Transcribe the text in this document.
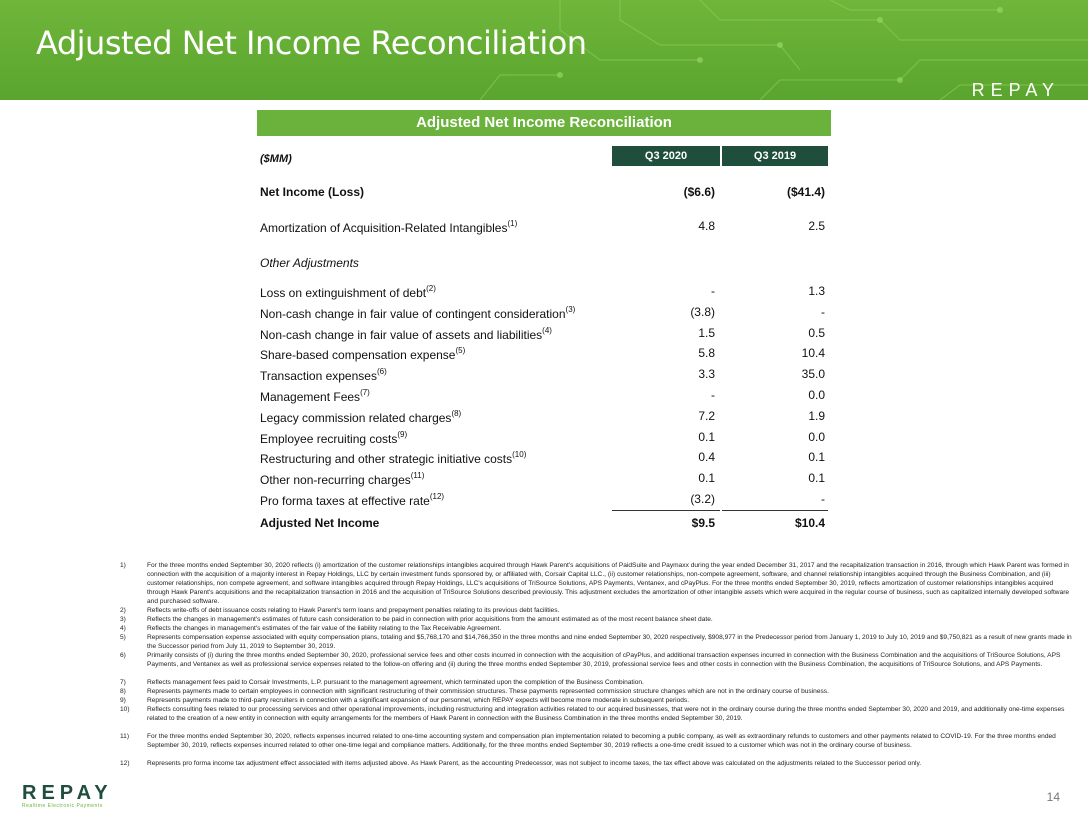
Adjusted Net Income Reconciliation
REPAY
Adjusted Net Income Reconciliation
($MM)	Q3 2020	Q3 2019
Net Income (Loss)	($6.6)	($41.4)
Amortization of Acquisition-Related Intangibles$^{(1)}$	4.8	2.5
Other Adjustments
Loss on extinguishment of debt$^{(2)}$	-	1.3
Non-cash change in fair value of contingent consideration$^{(3)}$	(3.8)	-
Non-cash change in fair value of assets and liabilities$^{(4)}$	1.5	0.5
Share-based compensation expense$^{(5)}$	5.8	10.4
Transaction expenses$^{(6)}$	3.3	35.0
Management Fees$^{(7)}$	-	0.0
Legacy commission related charges$^{(8)}$	7.2	1.9
Employee recruiting costs$^{(9)}$	0.1	0.0
Restructuring and other strategic initiative costs$^{(10)}$	0.4	0.1
Other non-recurring charges$^{(11)}$	0.1	0.1
Pro forma taxes at effective rate$^{(12)}$	(3.2)	-
Adjusted Net Income	$9.5	$10.4
1)	For the three months ended September 30, 2020 reflects (i) amortization of the customer relationships intangibles acquired through Hawk Parent's acquisitions of PaidSuite and Paymaxx during the year ended December 31, 2017 and the recapitalization transaction in 2016, through which Hawk Parent was formed in connection with the acquisition of a majority interest in Repay Holdings, LLC by certain investment funds sponsored by, or affiliated with, Corsair Capital LLC., (ii) customer relationships, non-compete agreement, software, and channel relationship intangibles acquired through the Business Combination, and (iii) customer relationships, non compete agreement, and software intangibles acquired through Repay Holdings, LLC's acquisitions of TriSource Solutions, APS Payments, Ventanex, and cPayPlus. For the three months ended September 30, 2019, reflects amortization of customer relationships intangibles acquired through Hawk Parent's acquisitions and the recapitalization transaction in 2016 and the acquisition of TriSource Solutions described previously. This adjustment excludes the amortization of other intangible assets which were acquired in the regular course of business, such as capitalized internally developed software and purchased software.
2)	Reflects write-offs of debt issuance costs relating to Hawk Parent's term loans and prepayment penalties relating to its previous debt facilities.
3)	Reflects the changes in management's estimates of future cash consideration to be paid in connection with prior acquisitions from the amount estimated as of the most recent balance sheet date.
4)	Reflects the changes in management's estimates of the fair value of the liability relating to the Tax Receivable Agreement.
5)	Represents compensation expense associated with equity compensation plans, totaling and $5,768,170 and $14,766,350 in the three months and nine ended September 30, 2020 respectively, $908,977 in the Predecessor period from January 1, 2019 to July 10, 2019 and $9,750,821 as a result of new grants made in the Successor period from July 11, 2019 to September 30, 2019.
6)	Primarily consists of (i) during the three months ended September 30, 2020, professional service fees and other costs incurred in connection with the acquisition of cPayPlus, and additional transaction expenses incurred in connection with the Business Combination and the acquisitions of TriSource Solutions, APS Payments, and Ventanex as well as professional service expenses related to the follow-on offering and (ii) during the three months ended September 30, 2019, professional service fees and other costs in connection with the Business Combination, the acquisitions of TriSource Solutions, and APS Payments.
7)	Reflects management fees paid to Corsair Investments, L.P. pursuant to the management agreement, which terminated upon the completion of the Business Combination.
8)	Represents payments made to certain employees in connection with significant restructuring of their commission structures. These payments represented commission structure changes which are not in the ordinary course of business.
9)	Represents payments made to third-party recruiters in connection with a significant expansion of our personnel, which REPAY expects will become more moderate in subsequent periods.
10)	Reflects consulting fees related to our processing services and other operational improvements, including restructuring and integration activities related to our acquired businesses, that were not in the ordinary course during the three months ended September 30, 2020 and 2019, and additionally one-time expenses related to the creation of a new entity in connection with equity arrangements for the members of Hawk Parent in connection with the Business Combination in the three months ended September 30, 2019.
11)	For the three months ended September 30, 2020, reflects expenses incurred related to one-time accounting system and compensation plan implementation related to becoming a public company, as well as extraordinary refunds to customers and other payments related to COVID-19. For the three months ended September 30, 2019, reflects expenses incurred related to other one-time legal and compliance matters. Additionally, for the three months ended September 30, 2019 reflects a one-time credit issued to a customer which was not in the ordinary course of business.
12)	Represents pro forma income tax adjustment effect associated with items adjusted above. As Hawk Parent, as the accounting Predecessor, was not subject to income taxes, the tax effect above was calculated on the adjustments related to the Successor period only.
REPAY
Realtime Electronic Payments
14
